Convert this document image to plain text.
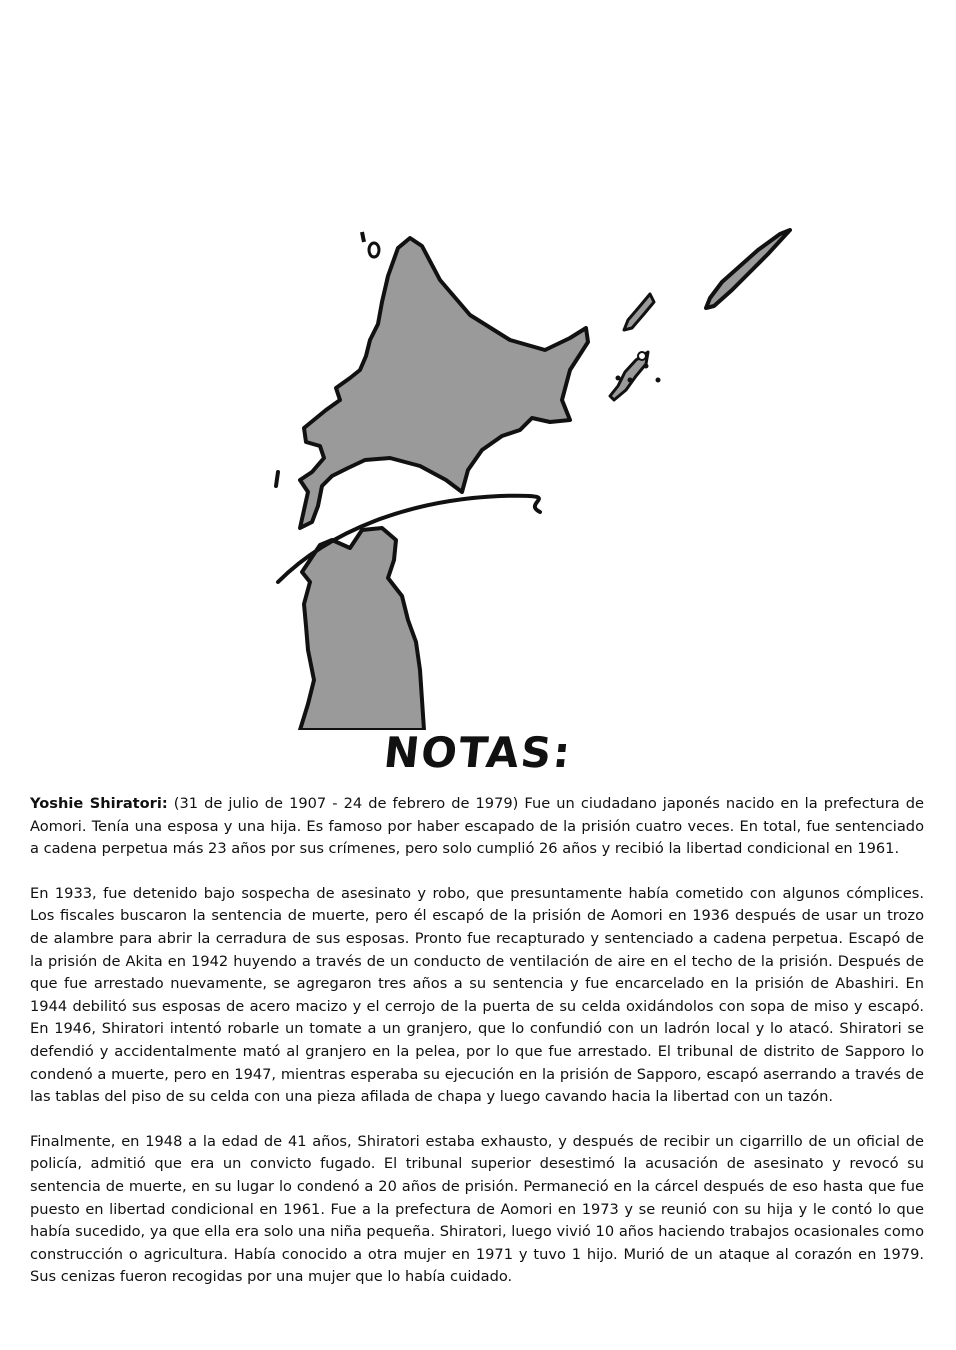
NOTAS:

Yoshie Shiratori: (31 de julio de 1907 - 24 de febrero de 1979) Fue un ciudadano japonés nacido en la prefectura de Aomori. Tenía una esposa y una hija. Es famoso por haber escapado de la prisión cuatro veces. En total, fue sentenciado a cadena perpetua más 23 años por sus crímenes, pero solo cumplió 26 años y recibió la libertad condicional en 1961.

En 1933, fue detenido bajo sospecha de asesinato y robo, que presuntamente había cometido con algunos cómplices. Los fiscales buscaron la sentencia de muerte, pero él escapó de la prisión de Aomori en 1936 después de usar un trozo de alambre para abrir la cerradura de sus esposas. Pronto fue recapturado y sentenciado a cadena perpetua. Escapó de la prisión de Akita en 1942 huyendo a través de un conducto de ventilación de aire en el techo de la prisión. Después de que fue arrestado nuevamente, se agregaron tres años a su sentencia y fue encarcelado en la prisión de Abashiri. En 1944 debilitó sus esposas de acero macizo y el cerrojo de la puerta de su celda oxidándolos con sopa de miso y escapó. En 1946, Shiratori intentó robarle un tomate a un granjero, que lo confundió con un ladrón local y lo atacó. Shiratori se defendió y accidentalmente mató al granjero en la pelea, por lo que fue arrestado. El tribunal de distrito de Sapporo lo condenó a muerte, pero en 1947, mientras esperaba su ejecución en la prisión de Sapporo, escapó aserrando a través de las tablas del piso de su celda con una pieza afilada de chapa y luego cavando hacia la libertad con un tazón.

Finalmente, en 1948 a la edad de 41 años, Shiratori estaba exhausto, y después de recibir un cigarrillo de un oficial de policía, admitió que era un convicto fugado. El tribunal superior desestimó la acusación de asesinato y revocó su sentencia de muerte, en su lugar lo condenó a 20 años de prisión. Permaneció en la cárcel después de eso hasta que fue puesto en libertad condicional en 1961. Fue a la prefectura de Aomori en 1973 y se reunió con su hija y le contó lo que había sucedido, ya que ella era solo una niña pequeña. Shiratori, luego vivió 10 años haciendo trabajos ocasionales como construcción o agricultura. Había conocido a otra mujer en 1971 y tuvo 1 hijo. Murió de un ataque al corazón en 1979. Sus cenizas fueron recogidas por una mujer que lo había cuidado.
